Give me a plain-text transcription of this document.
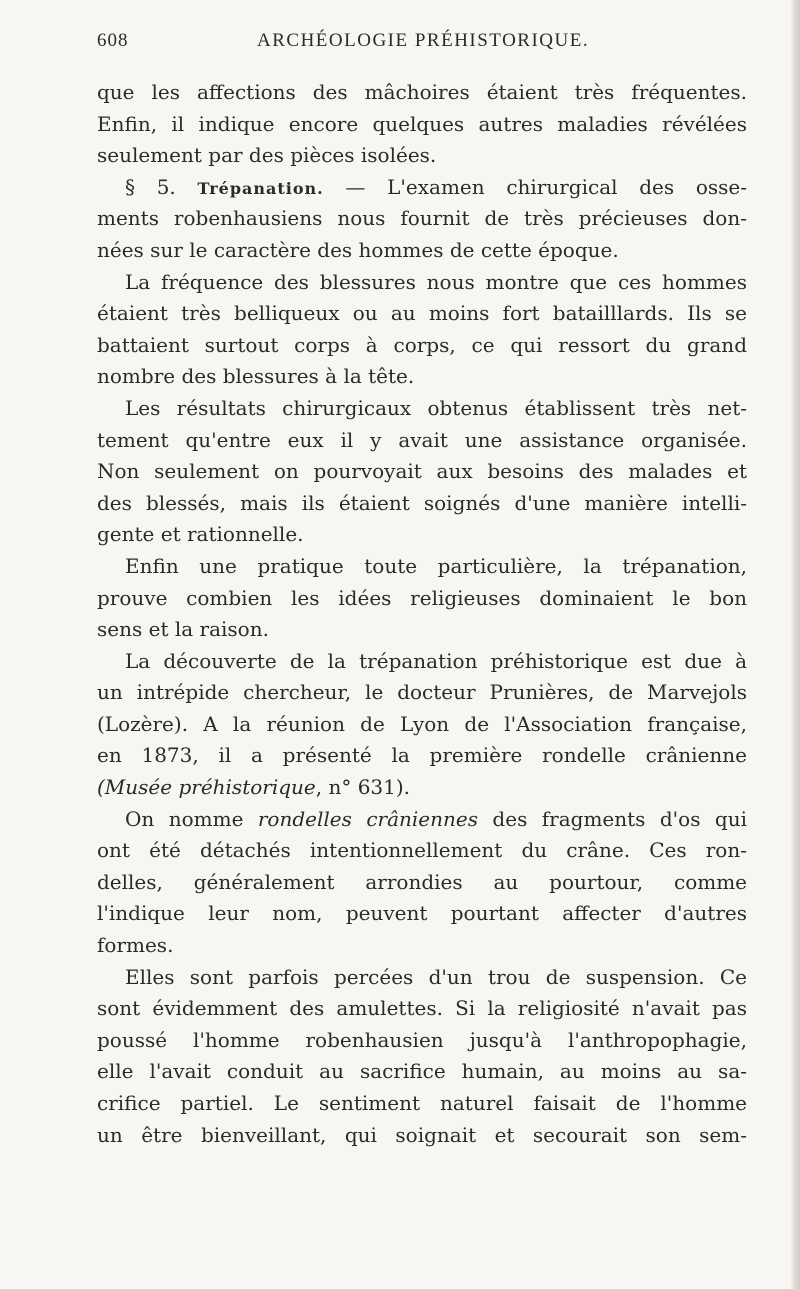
608	ARCHÉOLOGIE PRÉHISTORIQUE.
que les affections des mâchoires étaient très fréquentes.
Enfin, il indique encore quelques autres maladies révélées
seulement par des pièces isolées.
§ 5. Trépanation. — L'examen chirurgical des osse-
ments robenhausiens nous fournit de très précieuses don-
nées sur le caractère des hommes de cette époque.
La fréquence des blessures nous montre que ces hommes
étaient très belliqueux ou au moins fort batailllards. Ils se
battaient surtout corps à corps, ce qui ressort du grand
nombre des blessures à la tête.
Les résultats chirurgicaux obtenus établissent très net-
tement qu'entre eux il y avait une assistance organisée.
Non seulement on pourvoyait aux besoins des malades et
des blessés, mais ils étaient soignés d'une manière intelli-
gente et rationnelle.
Enfin une pratique toute particulière, la trépanation,
prouve combien les idées religieuses dominaient le bon
sens et la raison.
La découverte de la trépanation préhistorique est due à
un intrépide chercheur, le docteur Prunières, de Marvejols
(Lozère). A la réunion de Lyon de l'Association française,
en 1873, il a présenté la première rondelle crânienne
(Musée préhistorique, n° 631).
On nomme rondelles crâniennes des fragments d'os qui
ont été détachés intentionnellement du crâne. Ces ron-
delles, généralement arrondies au pourtour, comme
l'indique leur nom, peuvent pourtant affecter d'autres
formes.
Elles sont parfois percées d'un trou de suspension. Ce
sont évidemment des amulettes. Si la religiosité n'avait pas
poussé l'homme robenhausien jusqu'à l'anthropophagie,
elle l'avait conduit au sacrifice humain, au moins au sa-
crifice partiel. Le sentiment naturel faisait de l'homme
un être bienveillant, qui soignait et secourait son sem-
